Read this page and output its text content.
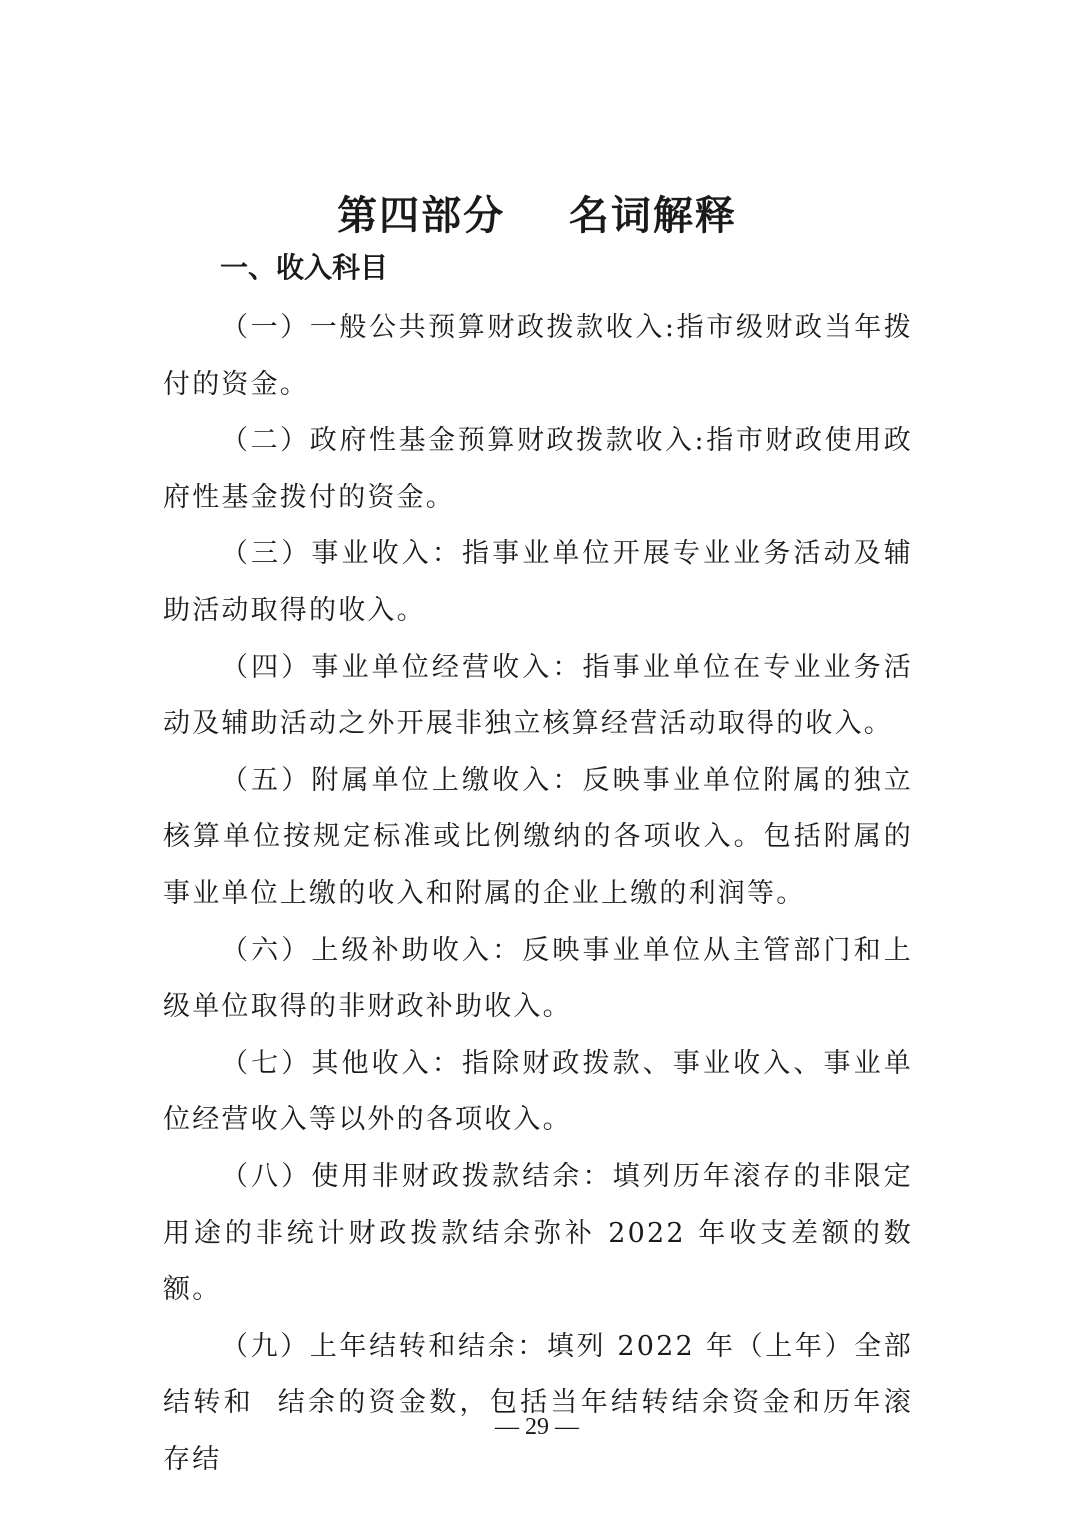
第四部分    名词解释
一、收入科目

（一）一般公共预算财政拨款收入:指市级财政当年拨付的资金。

（二）政府性基金预算财政拨款收入:指市财政使用政府性基金拨付的资金。

（三）事业收入：指事业单位开展专业业务活动及辅助活动取得的收入。

（四）事业单位经营收入：指事业单位在专业业务活动及辅助活动之外开展非独立核算经营活动取得的收入。

（五）附属单位上缴收入：反映事业单位附属的独立核算单位按规定标准或比例缴纳的各项收入。包括附属的事业单位上缴的收入和附属的企业上缴的利润等。

（六）上级补助收入：反映事业单位从主管部门和上级单位取得的非财政补助收入。

（七）其他收入：指除财政拨款、事业收入、事业单位经营收入等以外的各项收入。

（八）使用非财政拨款结余：填列历年滚存的非限定用途的非统计财政拨款结余弥补 2022 年收支差额的数额。

（九）上年结转和结余：填列 2022 年（上年）全部结转和  结余的资金数，包括当年结转结余资金和历年滚存结

— 29 —
